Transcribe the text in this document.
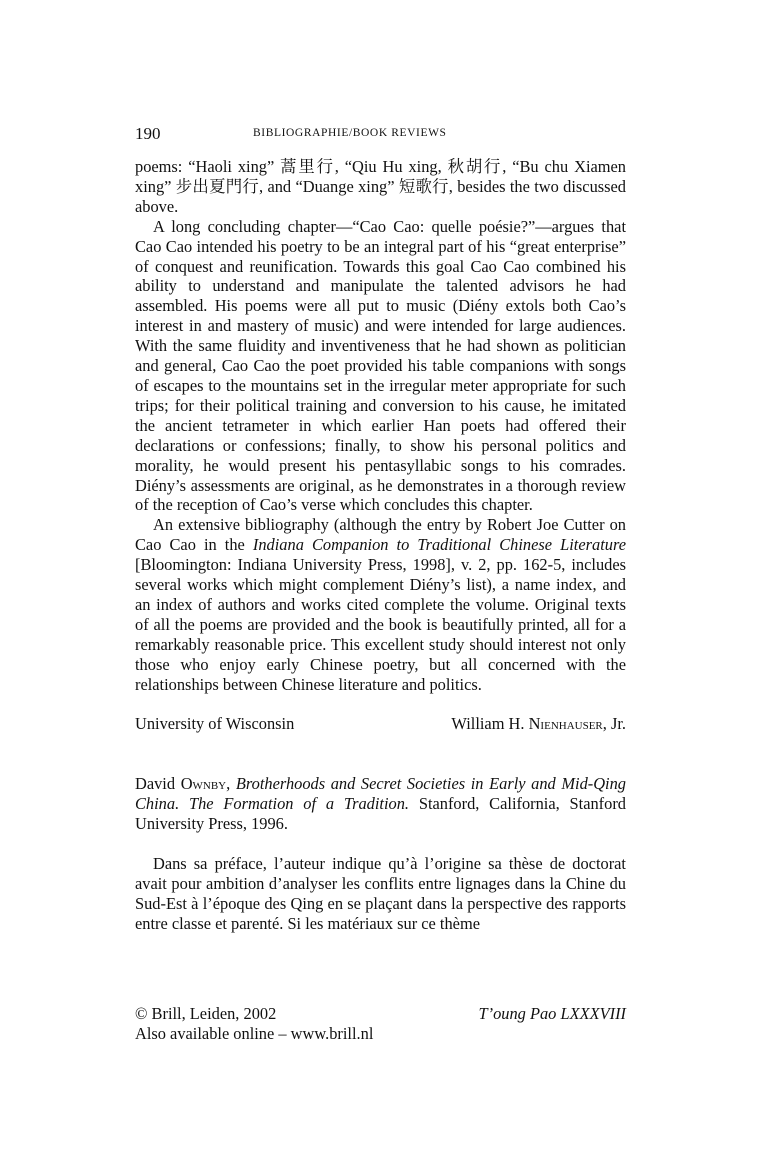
190	BIBLIOGRAPHIE/BOOK REVIEWS

poems: “Haoli xing” 蒿里行, “Qiu Hu xing, 秋胡行, “Bu chu Xiamen xing” 步出夏門行, and “Duange xing” 短歌行, besides the two discussed above.

A long concluding chapter—“Cao Cao: quelle poésie?”—argues that Cao Cao intended his poetry to be an integral part of his “great enterprise” of conquest and reunification. Towards this goal Cao Cao combined his ability to understand and manipulate the talented advisors he had assembled. His poems were all put to music (Diény extols both Cao’s interest in and mastery of music) and were intended for large audiences. With the same fluidity and inventiveness that he had shown as politician and general, Cao Cao the poet provided his table companions with songs of escapes to the mountains set in the irregular meter appropriate for such trips; for their political training and conversion to his cause, he imitated the ancient tetrameter in which earlier Han poets had offered their declarations or confessions; finally, to show his personal politics and morality, he would present his pentasyllabic songs to his comrades. Diény’s assessments are original, as he demonstrates in a thorough review of the reception of Cao’s verse which concludes this chapter.

An extensive bibliography (although the entry by Robert Joe Cutter on Cao Cao in the Indiana Companion to Traditional Chinese Literature [Bloomington: Indiana University Press, 1998], v. 2, pp. 162-5, includes several works which might complement Diény’s list), a name index, and an index of authors and works cited complete the volume. Original texts of all the poems are provided and the book is beautifully printed, all for a remarkably reasonable price. This excellent study should interest not only those who enjoy early Chinese poetry, but all concerned with the relationships between Chinese literature and politics.

University of Wisconsin	William H. Nienhauser, Jr.

David Ownby, Brotherhoods and Secret Societies in Early and Mid-Qing China. The Formation of a Tradition. Stanford, California, Stanford University Press, 1996.

Dans sa préface, l’auteur indique qu’à l’origine sa thèse de doctorat avait pour ambition d’analyser les conflits entre lignages dans la Chine du Sud-Est à l’époque des Qing en se plaçant dans la perspective des rapports entre classe et parenté. Si les matériaux sur ce thème

© Brill, Leiden, 2002	T’oung Pao LXXXVIII
Also available online – www.brill.nl
